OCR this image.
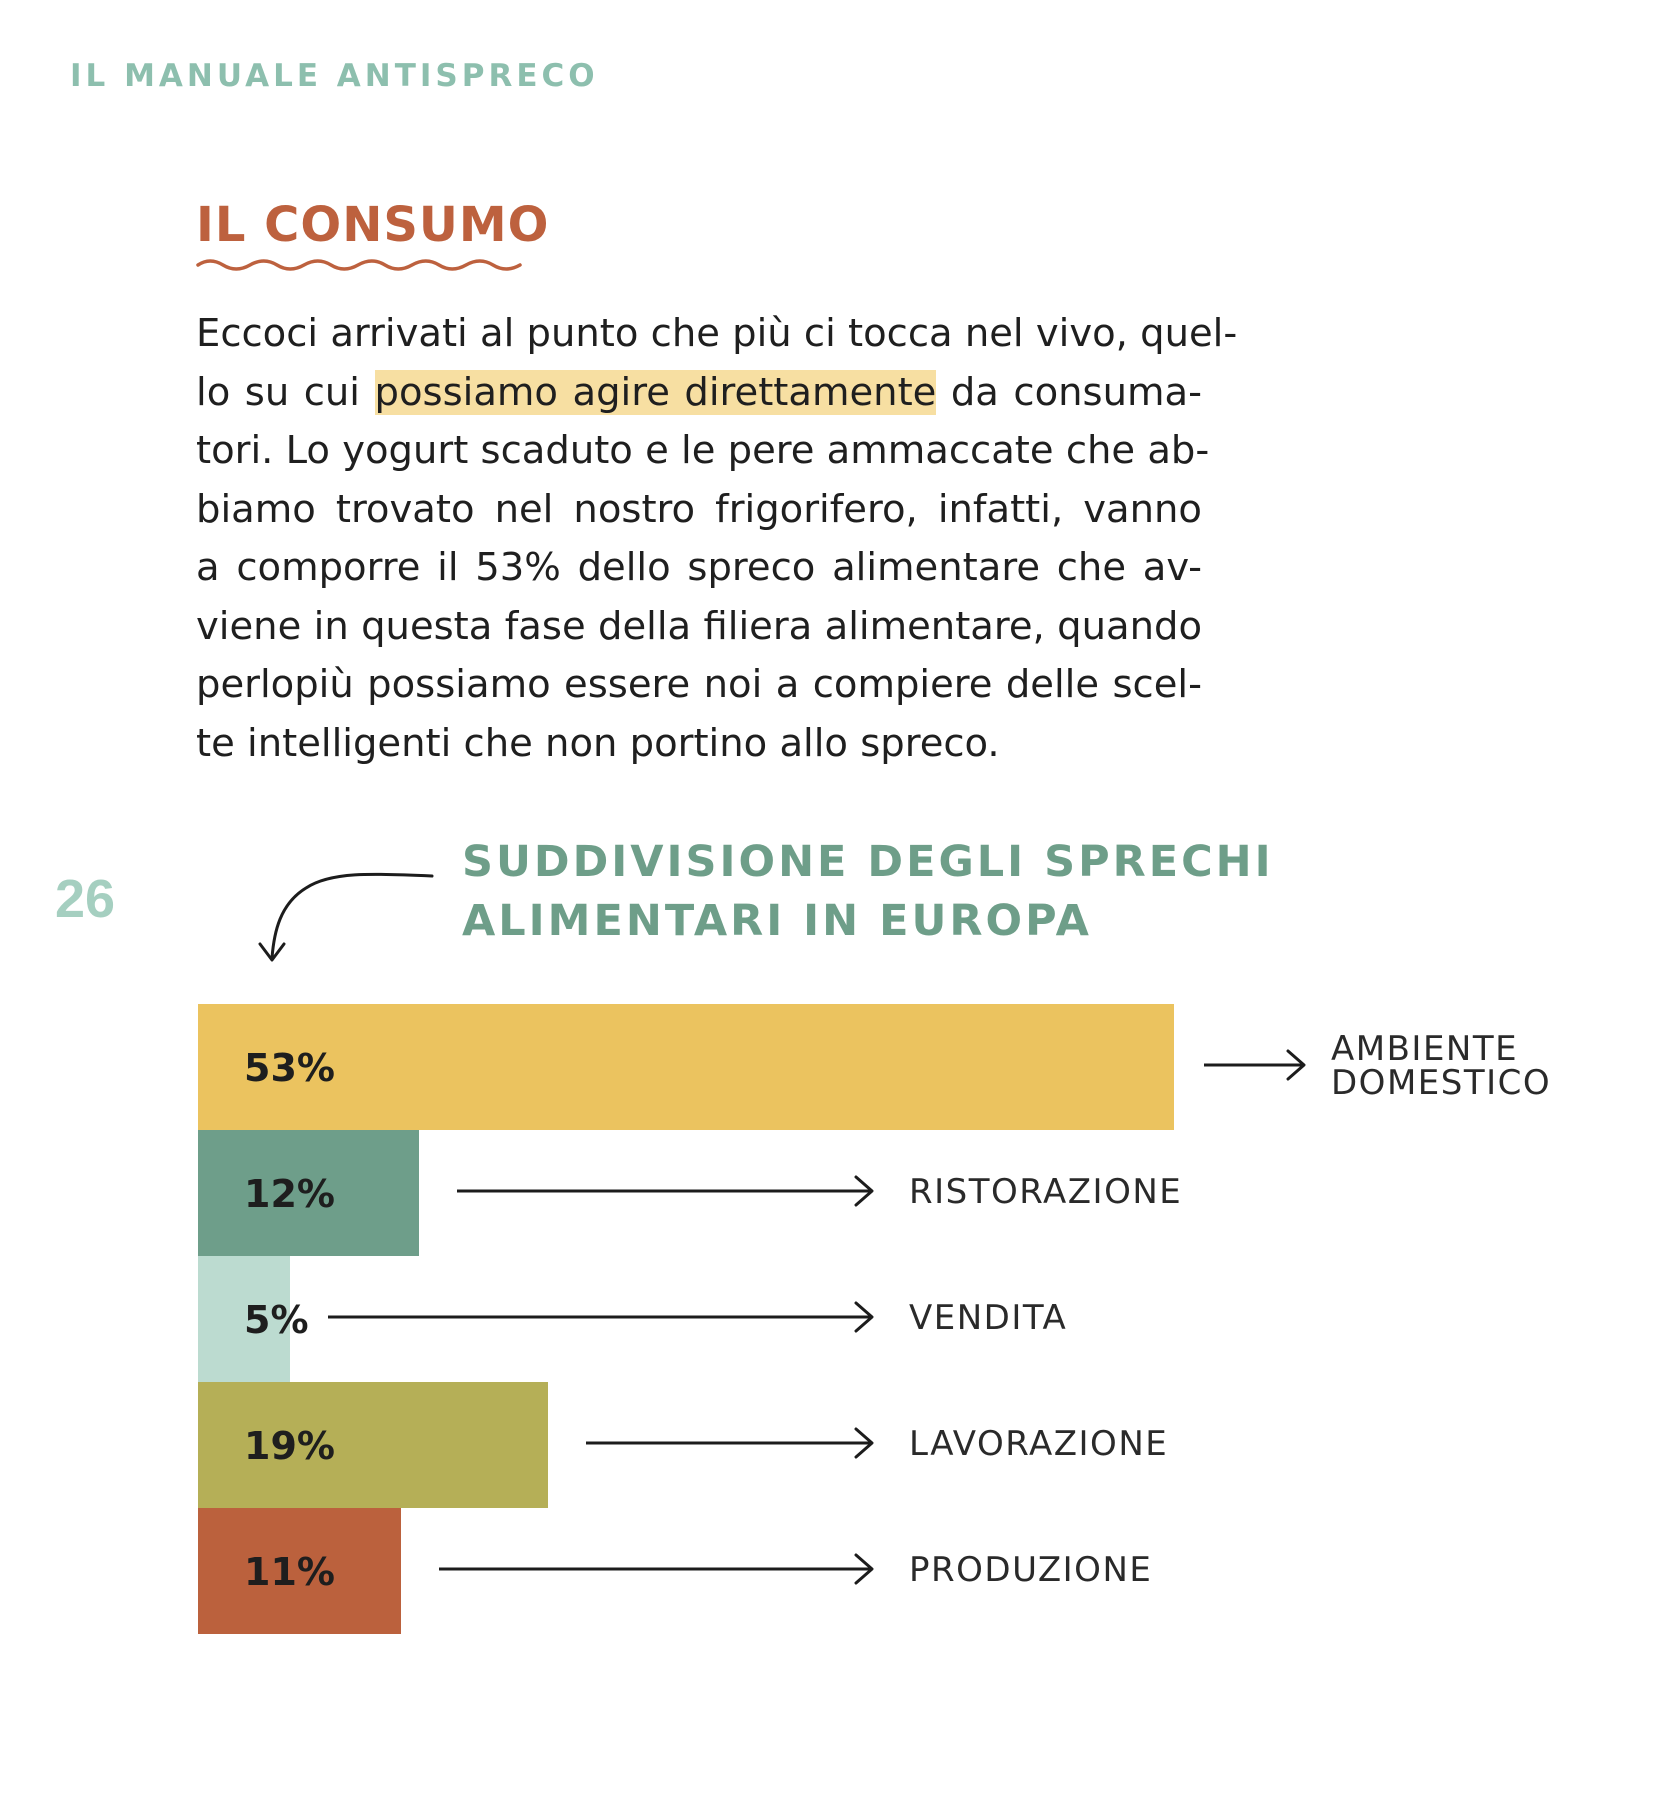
IL MANUALE ANTISPRECO
26
IL CONSUMO

Eccoci arrivati al punto che più ci tocca nel vivo, quel-
lo su cui possiamo agire direttamente da consuma-
tori. Lo yogurt scaduto e le pere ammaccate che ab-
biamo trovato nel nostro frigorifero, infatti, vanno
a comporre il 53% dello spreco alimentare che av-
viene in questa fase della filiera alimentare, quando
perlopiù possiamo essere noi a compiere delle scel-
te intelligenti che non portino allo spreco.

SUDDIVISIONE DEGLI SPRECHI
ALIMENTARI IN EUROPA
53%	AMBIENTE
DOMESTICO
12%	RISTORAZIONE
5%	VENDITA
19%	LAVORAZIONE
11%	PRODUZIONE
